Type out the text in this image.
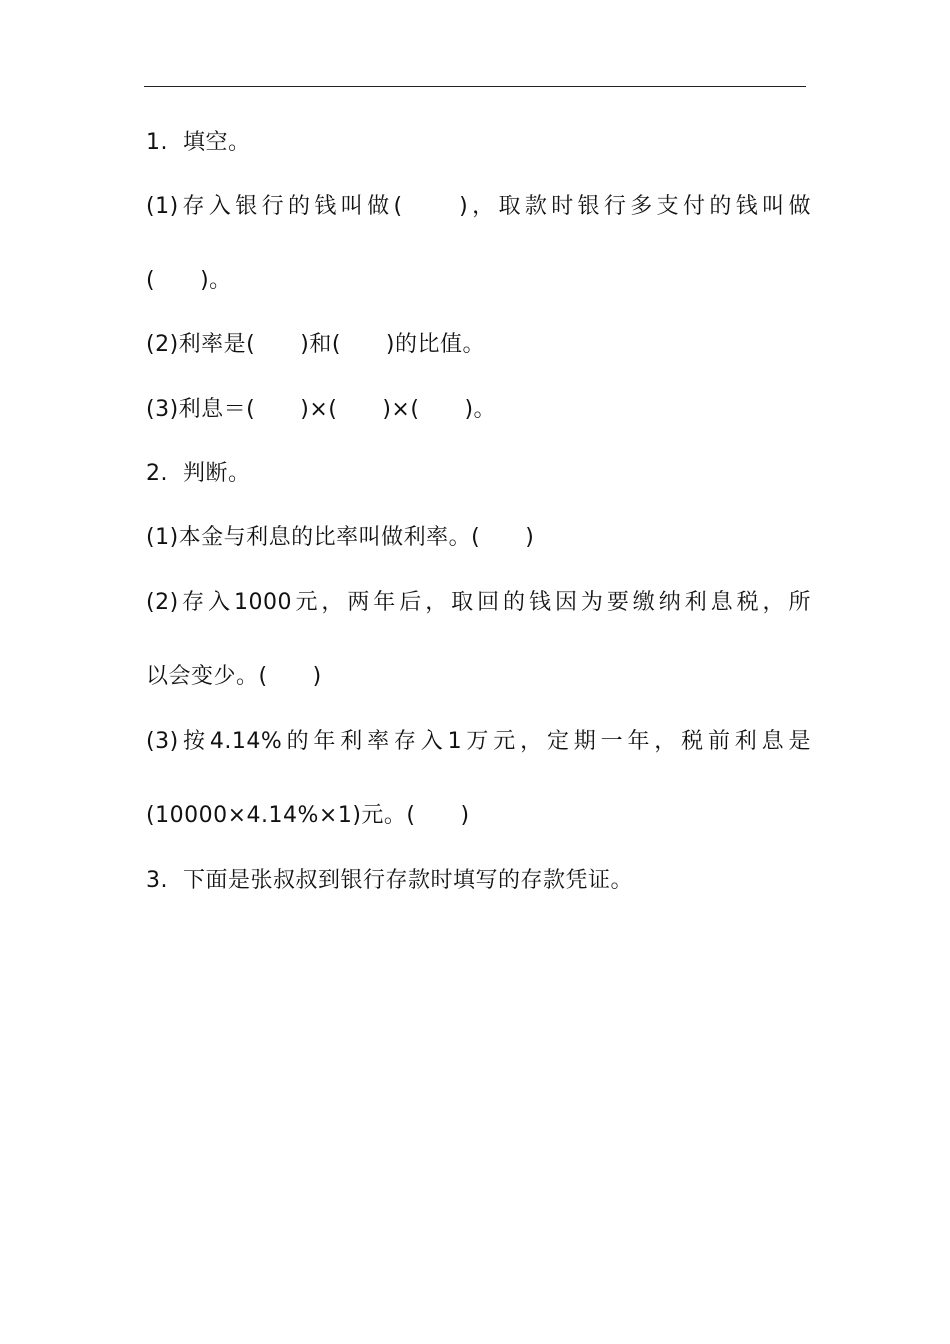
1.  填空。
(1)存入银行的钱叫做(　　)，取款时银行多支付的钱叫做
(　　)。
(2)利率是(　　)和(　　)的比值。
(3)利息＝(　　)×(　　)×(　　)。
2.  判断。
(1)本金与利息的比率叫做利率。(　　)
(2)存入1000元，两年后，取回的钱因为要缴纳利息税，所
以会变少。(　　)
(3)按4.14%的年利率存入1万元，定期一年，税前利息是
(10000×4.14%×1)元。(　　)
3.  下面是张叔叔到银行存款时填写的存款凭证。
